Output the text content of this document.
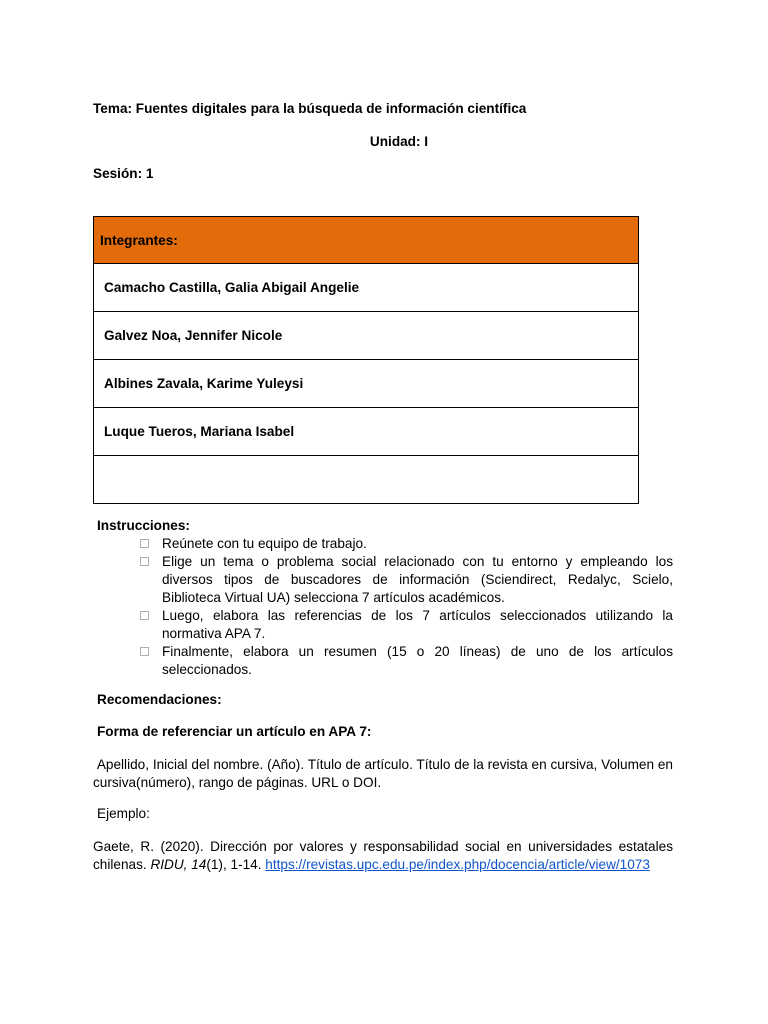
Tema: Fuentes digitales para la búsqueda de información científica
Unidad: I
Sesión: 1
Integrantes:
Camacho Castilla, Galia Abigail Angelie
Galvez Noa, Jennifer Nicole
Albines Zavala, Karime Yuleysi
Luque Tueros, Mariana Isabel

Instrucciones:
Reúnete con tu equipo de trabajo.
Elige un tema o problema social relacionado con tu entorno y empleando los diversos tipos de buscadores de información (Sciendirect, Redalyc, Scielo, Biblioteca Virtual UA) selecciona 7 artículos académicos.
Luego, elabora las referencias de los 7 artículos seleccionados utilizando la normativa APA 7.
Finalmente, elabora un resumen (15 o 20 líneas) de uno de los artículos seleccionados.
Recomendaciones:
Forma de referenciar un artículo en APA 7:
Apellido, Inicial del nombre. (Año). Título de artículo. Título de la revista en cursiva, Volumen en cursiva(número), rango de páginas. URL o DOI.
Ejemplo:
Gaete, R. (2020). Dirección por valores y responsabilidad social en universidades estatales chilenas. RIDU, 14(1), 1-14. https://revistas.upc.edu.pe/index.php/docencia/article/view/1073
